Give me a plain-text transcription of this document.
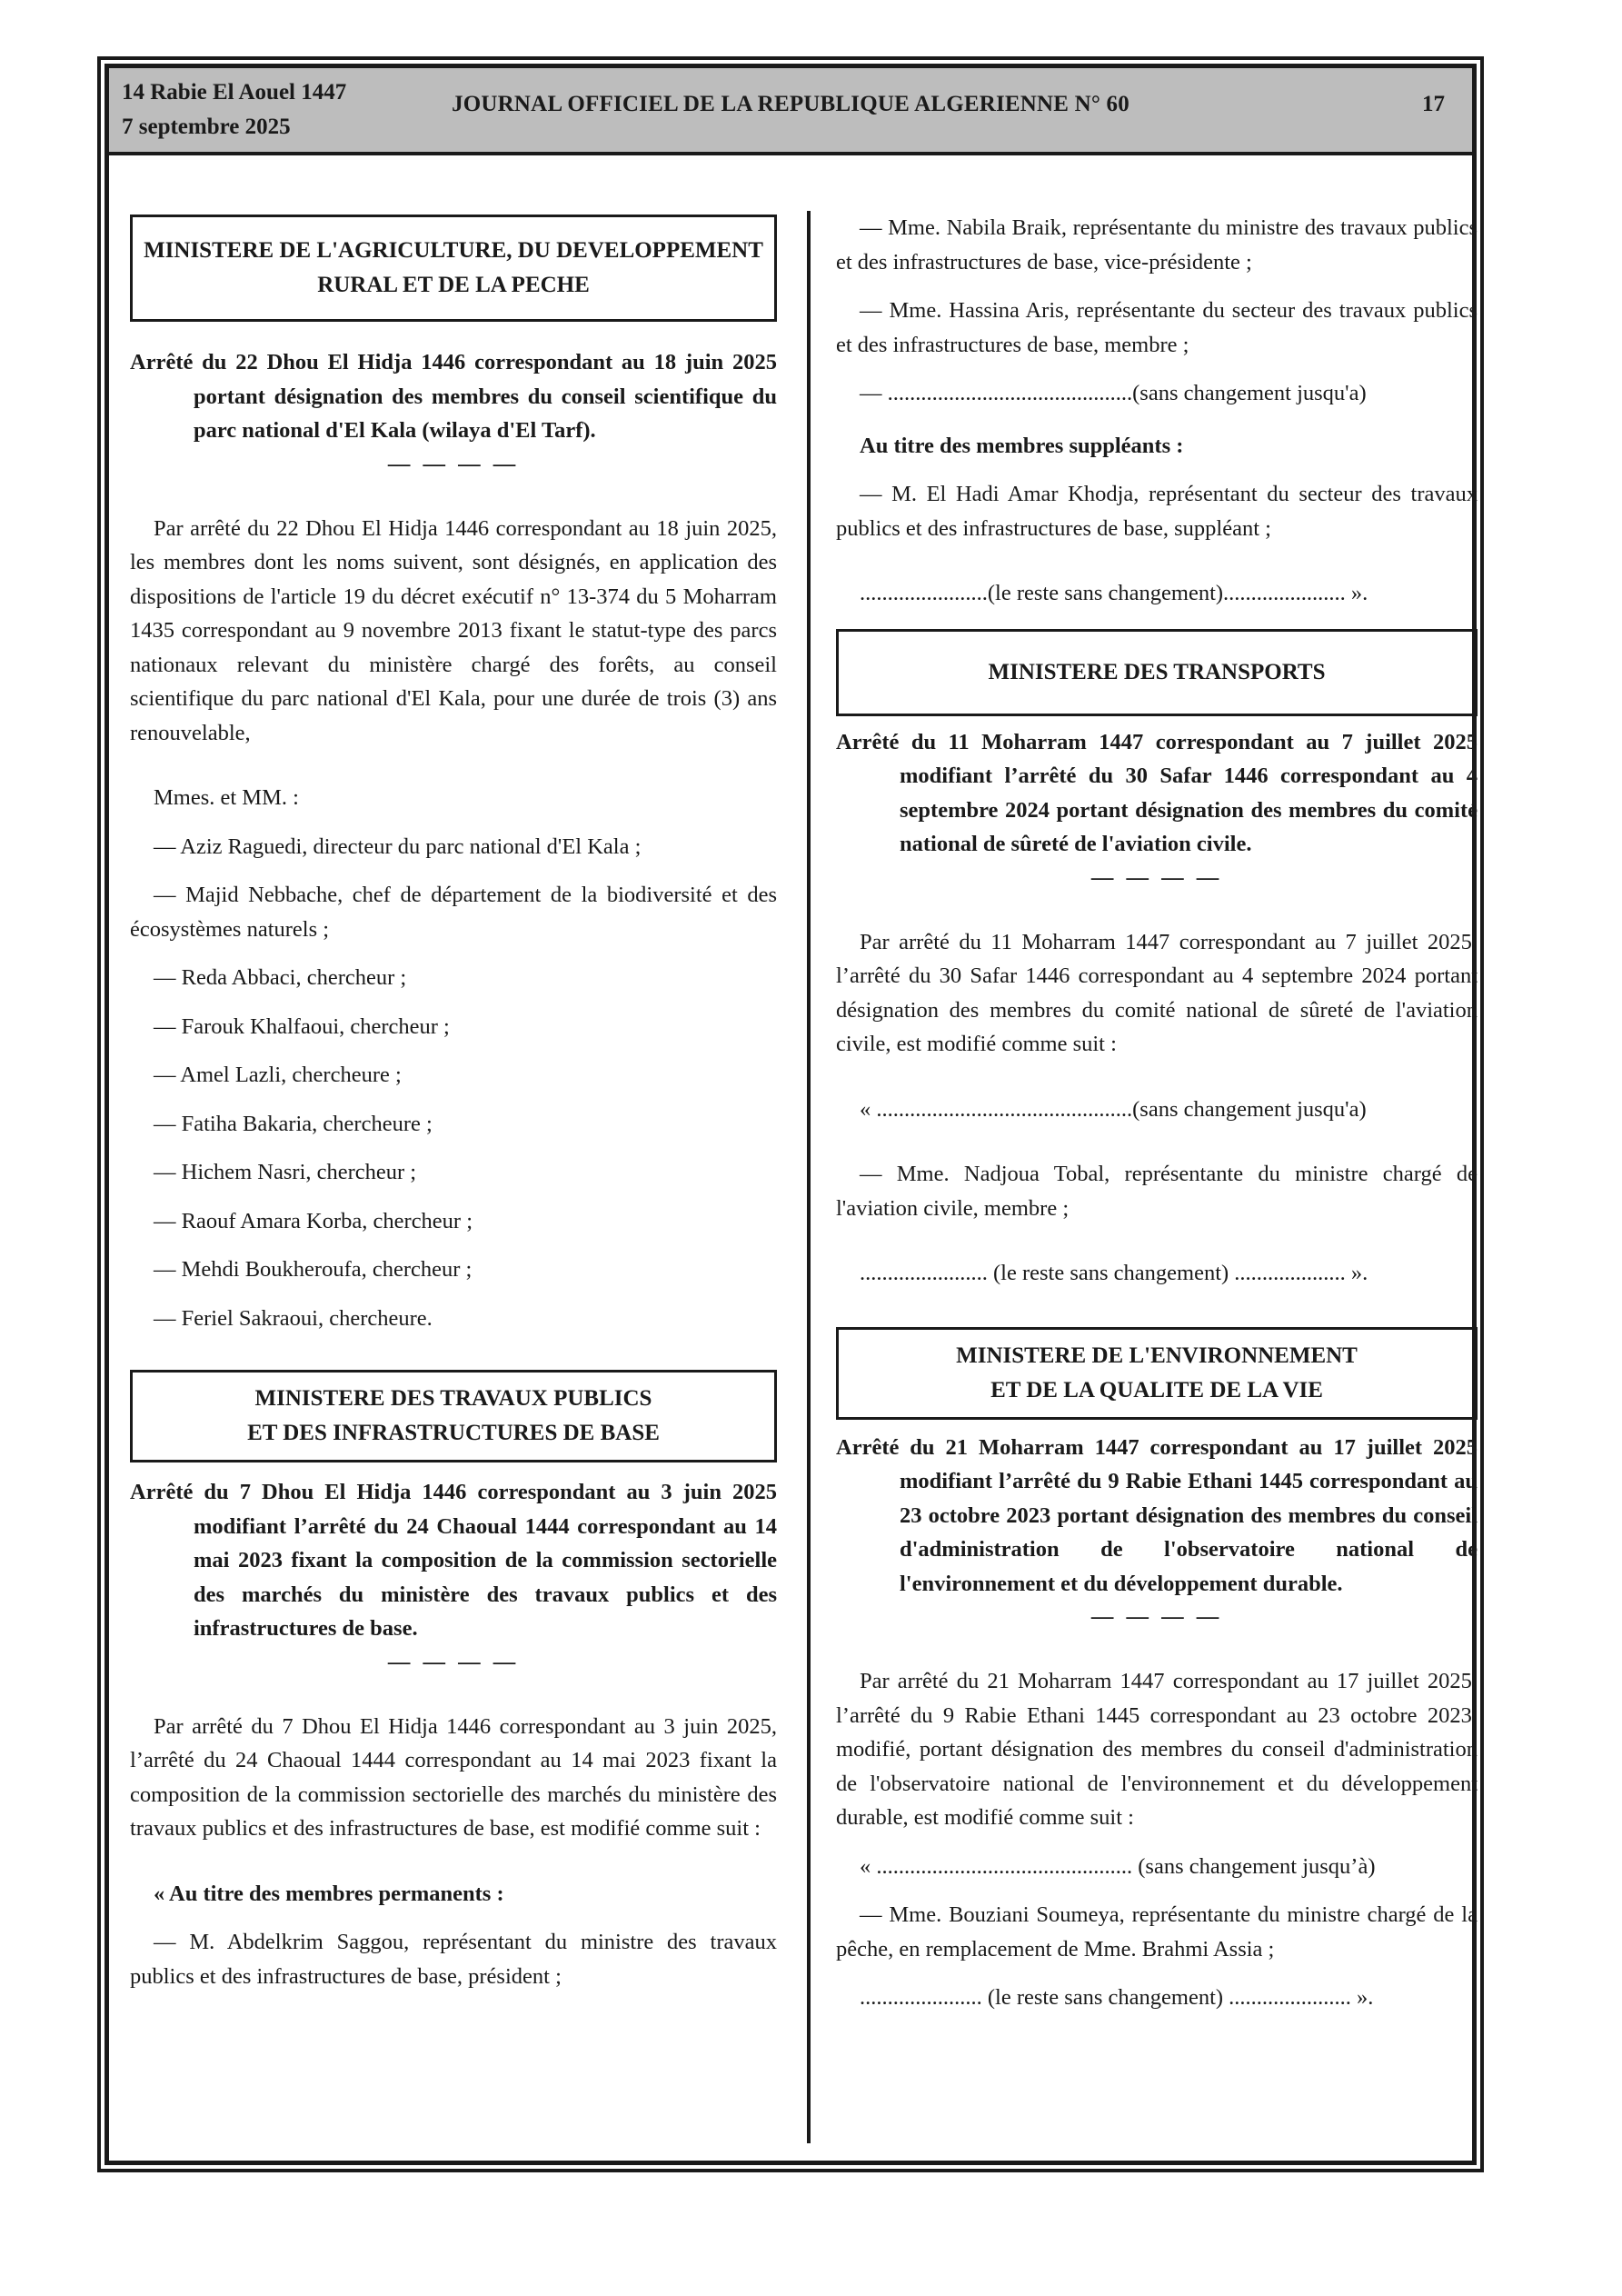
14 Rabie El Aouel 1447
7 septembre 2025
JOURNAL OFFICIEL DE LA REPUBLIQUE ALGERIENNE N° 60	17
MINISTERE DE L'AGRICULTURE, DU DEVELOPPEMENT RURAL ET DE LA PECHE

Arrêté du 22 Dhou El Hidja 1446 correspondant au 18 juin 2025 portant désignation des membres du conseil scientifique du parc national d'El Kala (wilaya d'El Tarf).

— — — —

Par arrêté du 22 Dhou El Hidja 1446 correspondant au 18 juin 2025, les membres dont les noms suivent, sont désignés, en application des dispositions de l'article 19 du décret exécutif n° 13-374 du 5 Moharram 1435 correspondant au 9 novembre 2013 fixant le statut-type des parcs nationaux relevant du ministère chargé des forêts, au conseil scientifique du parc national d'El Kala, pour une durée de trois (3) ans renouvelable,

Mmes. et MM. :

— Aziz Raguedi, directeur du parc national d'El Kala ;

— Majid Nebbache, chef de département de la biodiversité et des écosystèmes naturels ;

— Reda Abbaci, chercheur ;

— Farouk Khalfaoui, chercheur ;

— Amel Lazli, chercheure ;

— Fatiha Bakaria, chercheure ;

— Hichem Nasri, chercheur ;

— Raouf Amara Korba, chercheur ;

— Mehdi Boukheroufa, chercheur ;

— Feriel Sakraoui, chercheure.

MINISTERE DES TRAVAUX PUBLICS
ET DES INFRASTRUCTURES DE BASE

Arrêté du 7 Dhou El Hidja 1446 correspondant au 3 juin 2025 modifiant l’arrêté du 24 Chaoual 1444 correspondant au 14 mai 2023 fixant la composition de la commission sectorielle des marchés du ministère des travaux publics et des infrastructures de base.

— — — —

Par arrêté du 7 Dhou El Hidja 1446 correspondant au 3 juin 2025, l’arrêté du 24 Chaoual 1444 correspondant au 14 mai 2023 fixant la composition de la commission sectorielle des marchés du ministère des travaux publics et des infrastructures de base, est modifié comme suit :

« Au titre des membres permanents :

— M. Abdelkrim Saggou, représentant du ministre des travaux publics et des infrastructures de base, président ;

— Mme. Nabila Braik, représentante du ministre des travaux publics et des infrastructures de base, vice-présidente ;

— Mme. Hassina Aris, représentante du secteur des travaux publics et des infrastructures de base, membre ;

— ............................................(sans changement jusqu'a)

Au titre des membres suppléants :

— M. El Hadi Amar Khodja, représentant du secteur des travaux publics et des infrastructures de base, suppléant ;

.......................(le reste sans changement)...................... ».

MINISTERE DES TRANSPORTS

Arrêté du 11 Moharram 1447 correspondant au 7 juillet 2025 modifiant l’arrêté du 30 Safar 1446 correspondant au 4 septembre 2024 portant désignation des membres du comité national de sûreté de l'aviation civile.

— — — —

Par arrêté du 11 Moharram 1447 correspondant au 7 juillet 2025, l’arrêté du 30 Safar 1446 correspondant au 4 septembre 2024 portant désignation des membres du comité national de sûreté de l'aviation civile, est modifié comme suit :

« ..............................................(sans changement jusqu'a)

— Mme. Nadjoua Tobal, représentante du ministre chargé de l'aviation civile, membre ;

....................... (le reste sans changement) .................... ».

MINISTERE DE L'ENVIRONNEMENT
ET DE LA QUALITE DE LA VIE

Arrêté du 21 Moharram 1447 correspondant au 17 juillet 2025 modifiant l’arrêté du 9 Rabie Ethani 1445 correspondant au 23 octobre 2023 portant désignation des membres du conseil d'administration de l'observatoire national de l'environnement et du développement durable.

— — — —

Par arrêté du 21 Moharram 1447 correspondant au 17 juillet 2025, l’arrêté du 9 Rabie Ethani 1445 correspondant au 23 octobre 2023, modifié, portant désignation des membres du conseil d'administration de l'observatoire national de l'environnement et du développement durable, est modifié comme suit :

« .............................................. (sans changement jusqu’à)

— Mme. Bouziani Soumeya, représentante du ministre chargé de la pêche, en remplacement de Mme. Brahmi Assia ;

...................... (le reste sans changement) ...................... ».
